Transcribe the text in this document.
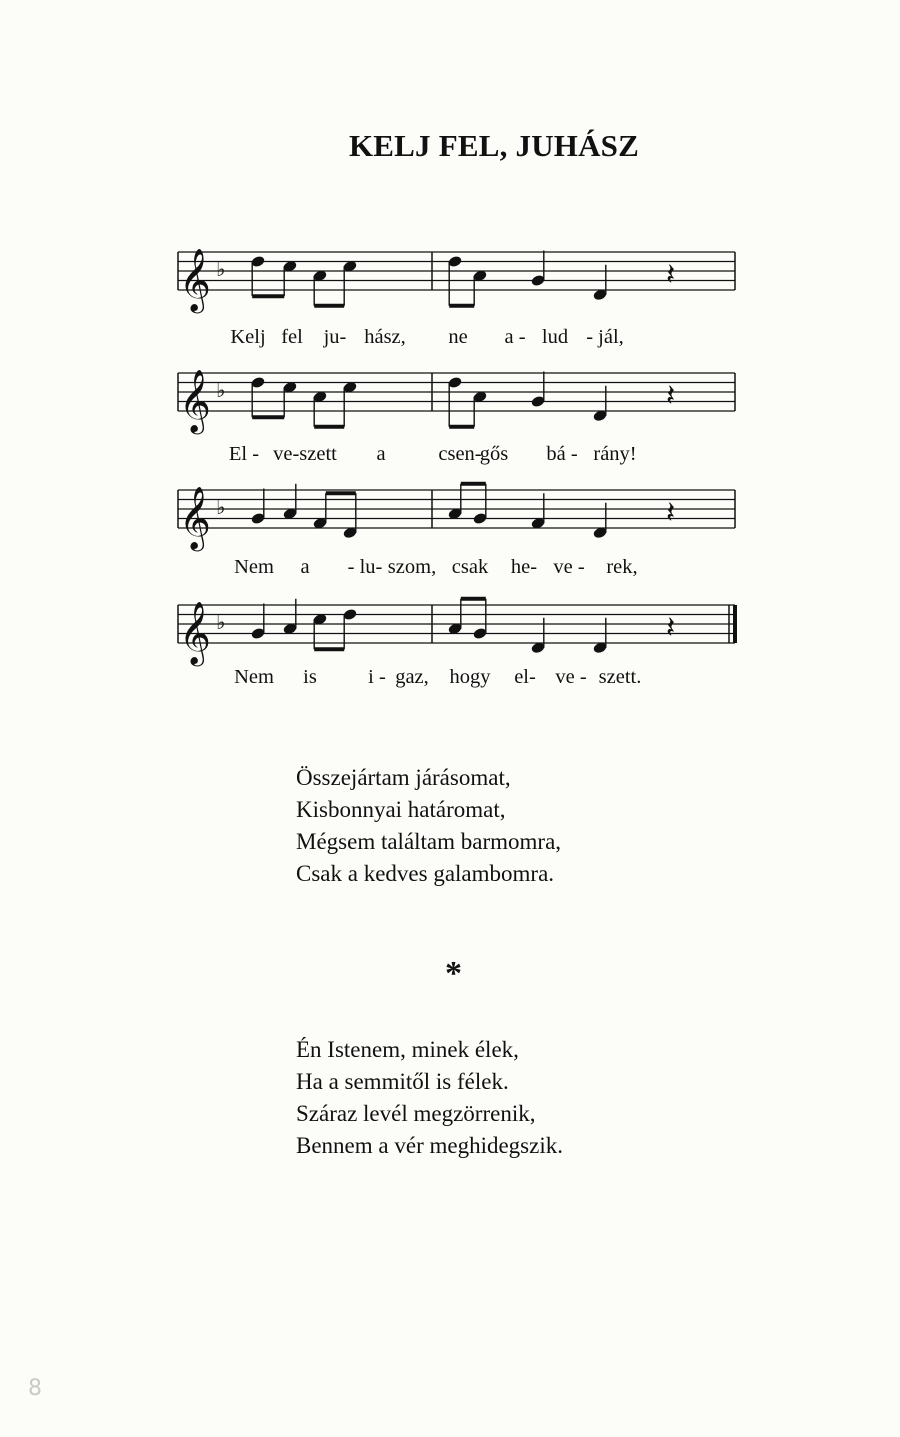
KELJ FEL, JUHÁSZ
𝄞 ♭	𝄽
𝄞 ♭	𝄽
𝄞 ♭	𝄽
𝄞 ♭	𝄽
Kelj fel ju- hász, ne a - lud - jál,
El - ve-szett a	csen-
gős bá - rány!
Nem a - lu- szom, csak he- ve - rek,
Nem is	i - gaz, hogy el- ve - szett.
Összejártam járásomat,
Kisbonnyai határomat,
Mégsem találtam barmomra,
Csak a kedves galambomra.
*
Én Istenem, minek élek,
Ha a semmitől is félek.
Száraz levél megzörrenik,
Bennem a vér meghidegszik.
8
